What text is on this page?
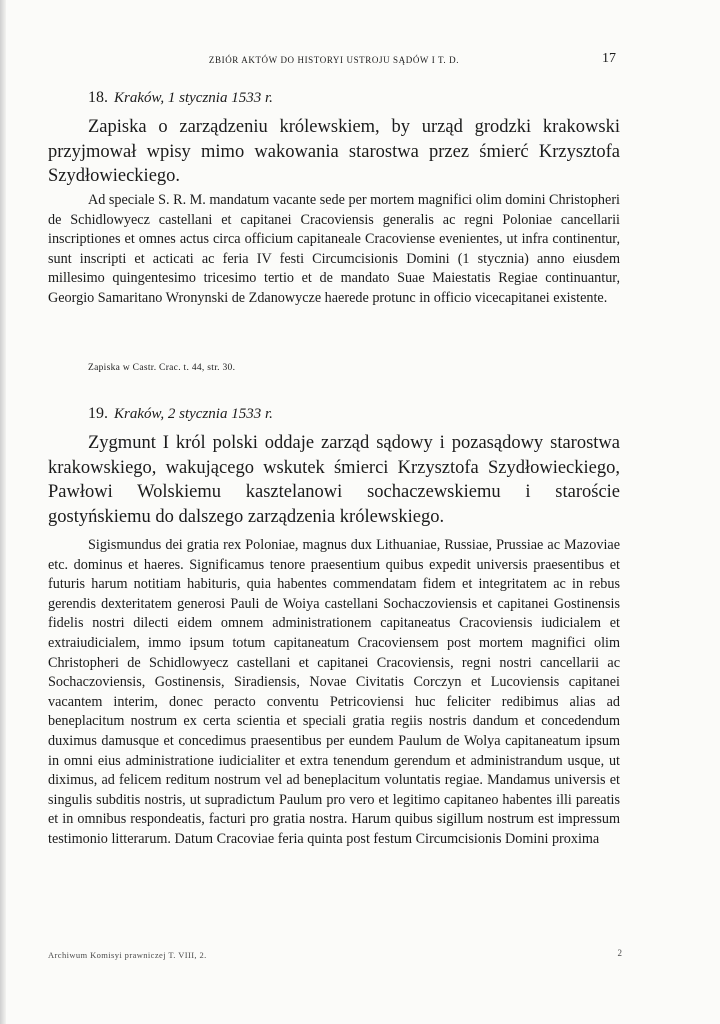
ZBIÓR AKTÓW DO HISTORYI USTROJU SĄDÓW I T. D.	17
18. Kraków, 1 stycznia 1533 r.

Zapiska o zarządzeniu królewskiem, by urząd grodzki krakowski przyjmował wpisy mimo wakowania starostwa przez śmierć Krzysztofa Szydłowieckiego.

Ad speciale S. R. M. mandatum vacante sede per mortem magnifici olim domini Christopheri de Schidlowyecz castellani et capitanei Cracoviensis generalis ac regni Poloniae cancellarii inscriptiones et omnes actus circa officium capitaneale Cracoviense evenientes, ut infra continentur, sunt inscripti et acticati ac feria IV festi Circumcisionis Domini (1 stycznia) anno eiusdem millesimo quingentesimo tricesimo tertio et de mandato Suae Maiestatis Regiae continuantur, Georgio Samaritano Wronynski de Zdanowycze haerede protunc in officio vicecapitanei existente.

Zapiska w Castr. Crac. t. 44, str. 30.
19. Kraków, 2 stycznia 1533 r.

Zygmunt I król polski oddaje zarząd sądowy i pozasądowy starostwa krakowskiego, wakującego wskutek śmierci Krzysztofa Szydłowieckiego, Pawłowi Wolskiemu kasztelanowi sochaczewskiemu i staroście gostyńskiemu do dalszego zarządzenia królewskiego.

Sigismundus dei gratia rex Poloniae, magnus dux Lithuaniae, Russiae, Prussiae ac Mazoviae etc. dominus et haeres. Significamus tenore praesentium quibus expedit universis praesentibus et futuris harum notitiam habituris, quia habentes commendatam fidem et integritatem ac in rebus gerendis dexteritatem generosi Pauli de Woiya castellani Sochaczoviensis et capitanei Gostinensis fidelis nostri dilecti eidem omnem administrationem capitaneatus Cracoviensis iudicialem et extraiudicialem, immo ipsum totum capitaneatum Cracoviensem post mortem magnifici olim Christopheri de Schidlowyecz castellani et capitanei Cracoviensis, regni nostri cancellarii ac Sochaczoviensis, Gostinensis, Siradiensis, Novae Civitatis Corczyn et Lucoviensis capitanei vacantem interim, donec peracto conventu Petricoviensi huc feliciter redibimus alias ad beneplacitum nostrum ex certa scientia et speciali gratia regiis nostris dandum et concedendum duximus damusque et concedimus praesentibus per eundem Paulum de Wolya capitaneatum ipsum in omni eius administratione iudicialiter et extra tenendum gerendum et administrandum usque, ut diximus, ad felicem reditum nostrum vel ad beneplacitum voluntatis regiae. Mandamus universis et singulis subditis nostris, ut supradictum Paulum pro vero et legitimo capitaneo habentes illi pareatis et in omnibus respondeatis, facturi pro gratia nostra. Harum quibus sigillum nostrum est impressum testimonio litterarum. Datum Cracoviae feria quinta post festum Circumcisionis Domini proxima

Archiwum Komisyi prawniczej T. VIII, 2.	2
